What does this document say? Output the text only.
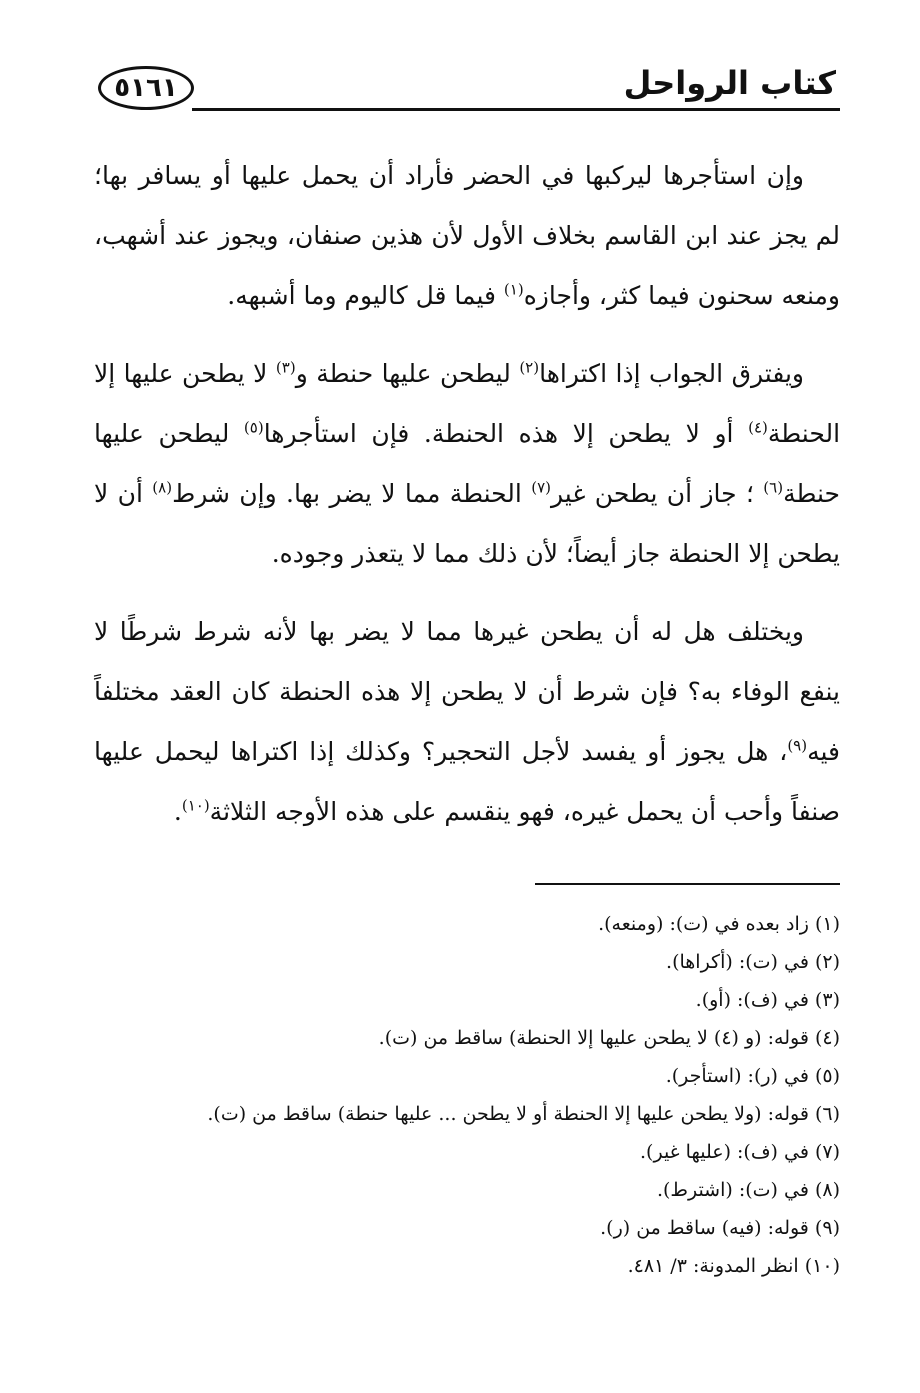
٥١٦١	كتاب الرواحل

وإن استأجرها ليركبها في الحضر فأراد أن يحمل عليها أو يسافر بها؛ لم يجز عند ابن القاسم بخلاف الأول لأن هذين صنفان، ويجوز عند أشهب، ومنعه سحنون فيما كثر، وأجازه$^{(١)}$ فيما قل كاليوم وما أشبهه.

ويفترق الجواب إذا اكتراها$^{(٢)}$ ليطحن عليها حنطة و$^{(٣)}$ لا يطحن عليها إلا الحنطة$^{(٤)}$ أو لا يطحن إلا هذه الحنطة. فإن استأجرها$^{(٥)}$ ليطحن عليها حنطة$^{(٦)}$ ؛ جاز أن يطحن غير$^{(٧)}$ الحنطة مما لا يضر بها. وإن شرط$^{(٨)}$ أن لا يطحن إلا الحنطة جاز أيضاً؛ لأن ذلك مما لا يتعذر وجوده.

ويختلف هل له أن يطحن غيرها مما لا يضر بها لأنه شرط شرطًا لا ينفع الوفاء به؟ فإن شرط أن لا يطحن إلا هذه الحنطة كان العقد مختلفاً فيه$^{(٩)}$، هل يجوز أو يفسد لأجل التحجير؟ وكذلك إذا اكتراها ليحمل عليها صنفاً وأحب أن يحمل غيره، فهو ينقسم على هذه الأوجه الثلاثة$^{(١٠)}$.

(١) زاد بعده في (ت): (ومنعه).
(٢) في (ت): (أكراها).
(٣) في (ف): (أو).
(٤) قوله: (و (٤) لا يطحن عليها إلا الحنطة) ساقط من (ت).
(٥) في (ر): (استأجر).
(٦) قوله: (ولا يطحن عليها إلا الحنطة أو لا يطحن ... عليها حنطة) ساقط من (ت).
(٧) في (ف): (عليها غير).
(٨) في (ت): (اشترط).
(٩) قوله: (فيه) ساقط من (ر).
(١٠) انظر المدونة: ٣/ ٤٨١.
